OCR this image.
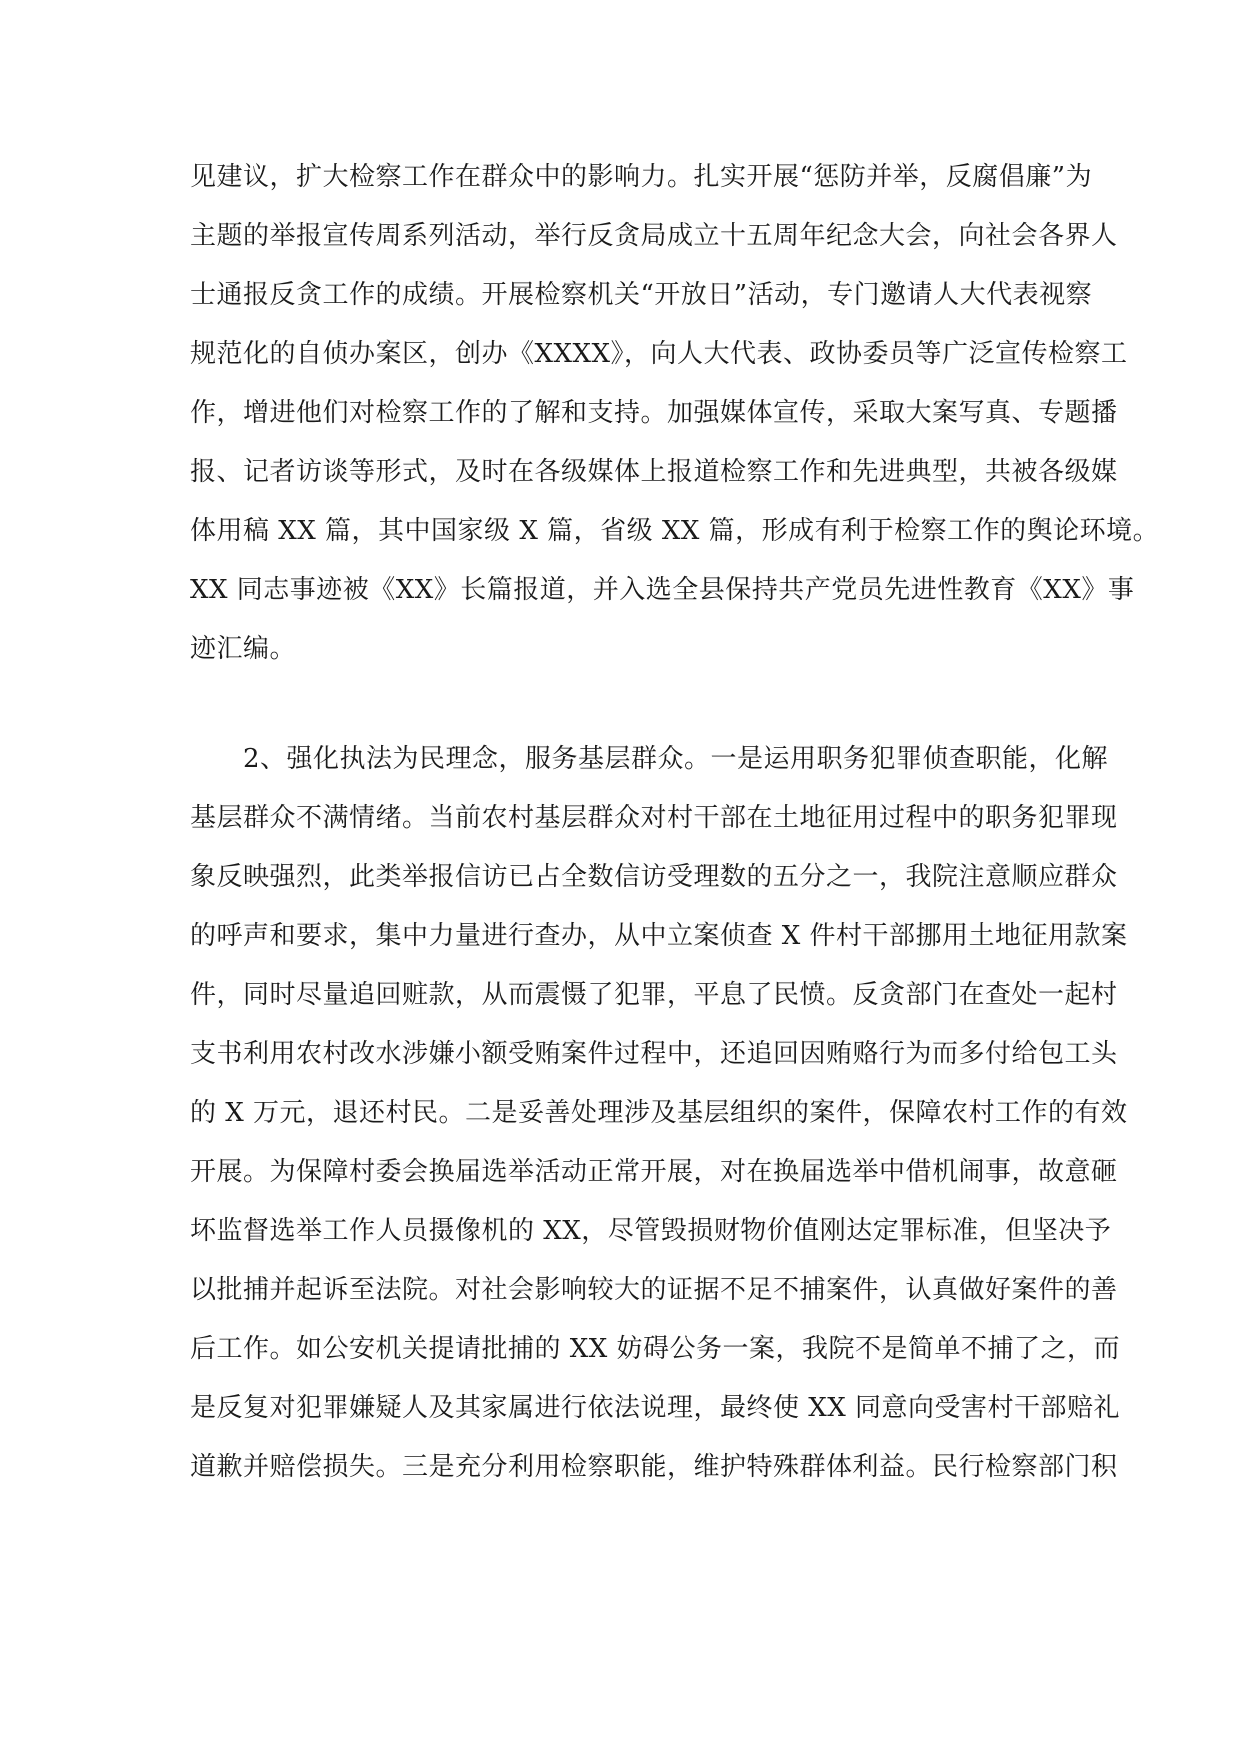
见建议，扩大检察工作在群众中的影响力。扎实开展“惩防并举，反腐倡廉”为
主题的举报宣传周系列活动，举行反贪局成立十五周年纪念大会，向社会各界人
士通报反贪工作的成绩。开展检察机关“开放日”活动，专门邀请人大代表视察
规范化的自侦办案区，创办《XXXX》，向人大代表、政协委员等广泛宣传检察工
作，增进他们对检察工作的了解和支持。加强媒体宣传，采取大案写真、专题播
报、记者访谈等形式，及时在各级媒体上报道检察工作和先进典型，共被各级媒
体用稿 XX 篇，其中国家级 X 篇，省级 XX 篇，形成有利于检察工作的舆论环境。
XX 同志事迹被《XX》长篇报道，并入选全县保持共产党员先进性教育《XX》事
迹汇编。
2、强化执法为民理念，服务基层群众。一是运用职务犯罪侦查职能，化解
基层群众不满情绪。当前农村基层群众对村干部在土地征用过程中的职务犯罪现
象反映强烈，此类举报信访已占全数信访受理数的五分之一，我院注意顺应群众
的呼声和要求，集中力量进行查办，从中立案侦查 X 件村干部挪用土地征用款案
件，同时尽量追回赃款，从而震慑了犯罪，平息了民愤。反贪部门在查处一起村
支书利用农村改水涉嫌小额受贿案件过程中，还追回因贿赂行为而多付给包工头
的 X 万元，退还村民。二是妥善处理涉及基层组织的案件，保障农村工作的有效
开展。为保障村委会换届选举活动正常开展，对在换届选举中借机闹事，故意砸
坏监督选举工作人员摄像机的 XX，尽管毁损财物价值刚达定罪标准，但坚决予
以批捕并起诉至法院。对社会影响较大的证据不足不捕案件，认真做好案件的善
后工作。如公安机关提请批捕的 XX 妨碍公务一案，我院不是简单不捕了之，而
是反复对犯罪嫌疑人及其家属进行依法说理，最终使 XX 同意向受害村干部赔礼
道歉并赔偿损失。三是充分利用检察职能，维护特殊群体利益。民行检察部门积
